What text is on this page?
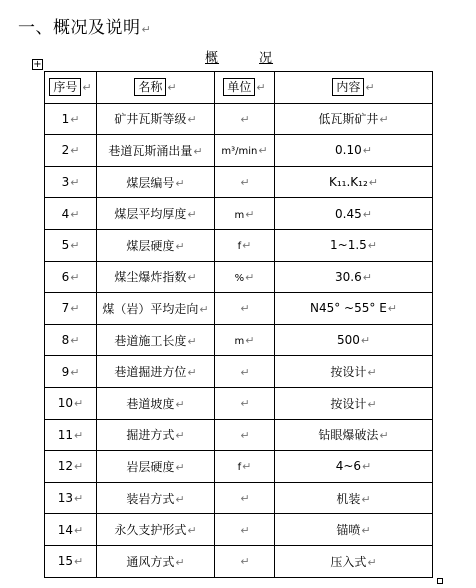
一、概况及说明↵
+	概	况
序号 ↵	名称 ↵	单位 ↵	内容 ↵
1↵	矿井瓦斯等级↵	↵	低瓦斯矿井↵
2↵	巷道瓦斯涌出量↵	m³/min↵	0.10↵
3↵	煤层编号↵	↵	K₁₁.K₁₂↵
4↵	煤层平均厚度↵	m↵	0.45↵
5↵	煤层硬度↵	f↵	1~1.5↵
6↵	煤尘爆炸指数↵	%↵	30.6↵
7↵	煤（岩）平均走向↵	↵	N45° ~55° E↵
8↵	巷道施工长度↵	m↵	500↵
9↵	巷道掘进方位↵	↵	按设计↵
10↵	巷道坡度↵	↵	按设计↵
11↵	掘进方式↵	↵	钻眼爆破法↵
12↵	岩层硬度↵	f↵	4~6↵
13↵	装岩方式↵	↵	机装↵
14↵	永久支护形式↵	↵	锚喷↵
15↵	通风方式↵	↵	压入式↵
